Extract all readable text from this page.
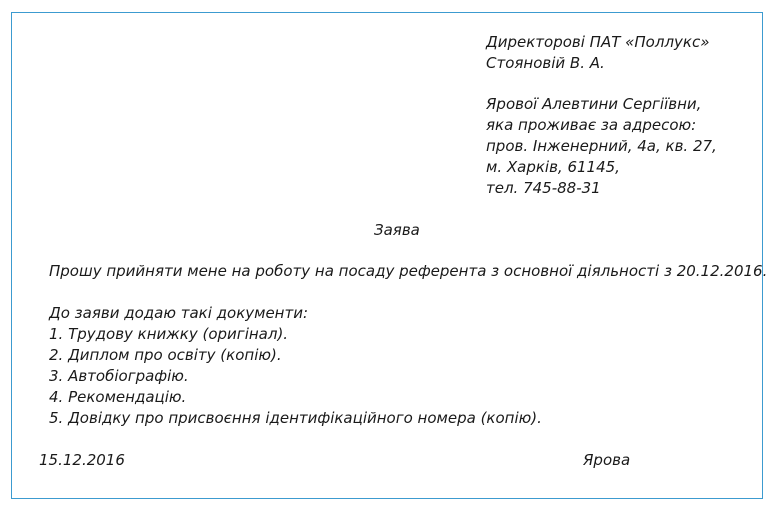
Директорові ПАТ «Поллукс»
Стояновій В. А.
Ярової Алевтини Сергіївни,
яка проживає за адресою:
пров. Інженерний, 4а, кв. 27,
м. Харків, 61145,
тел. 745-88-31
Заява
Прошу прийняти мене на роботу на посаду референта з основної діяльності з 20.12.2016.
До заяви додаю такі документи:
1. Трудову книжку (оригінал).
2. Диплом про освіту (копію).
3. Автобіографію.
4. Рекомендацію.
5. Довідку про присвоєння ідентифікаційного номера (копію).
15.12.2016	Ярова
